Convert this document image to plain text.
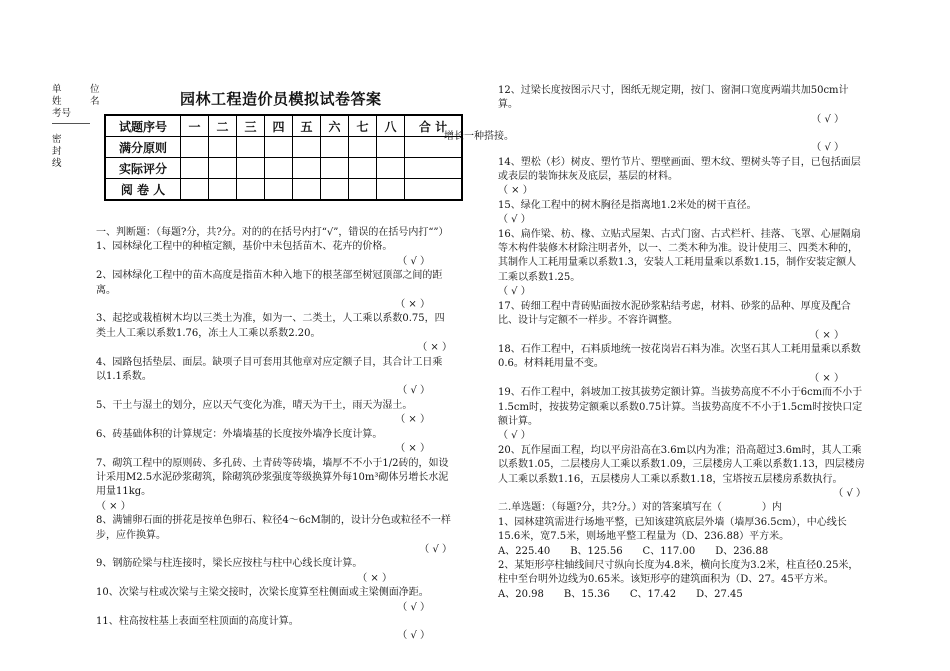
单　　　位
姓　　　名
考号
密
封
线
园林工程造价员模拟试卷答案
试题序号	一	二	三	四	五	六	七	八	合 计
满分原则									
实际评分									
阅 卷 人									

一、判断题：（每题?分，共?分。对的的在括号内打“√”，错误的在括号内打“”）

1、园林绿化工程中的种植定额，基价中未包括苗木、花卉的价格。

（ √ ）

2、园林绿化工程中的苗木高度是指苗木种入地下的根茎部至树冠顶部之间的距离。

（ × ）

3、起挖或栽植树木均以三类土为准，如为一、二类土，人工乘以系数0.75，四类土人工乘以系数1.76，冻土人工乘以系数2.20。

（ × ）

4、园路包括垫层、面层。缺项子目可套用其他章对应定额子目，其合计工日乘以1.1系数。

（ √ ）

5、干土与湿土的划分，应以天气变化为准，晴天为干土，雨天为湿土。

（ × ）

6、砖基础体积的计算规定：外墙墙基的长度按外墙净长度计算。

（ × ）

7、砌筑工程中的原则砖、多孔砖、土青砖等砖墙，墙厚不不小于1/2砖的，如设计采用M2.5水泥砂浆砌筑，除砌筑砂浆强度等级换算外每10m³砌体另增长水泥用量11kg。

（ × ）

8、满铺卵石面的拼花是按单色卵石、粒径4～6cM制的，设计分色或粒径不一样步，应作换算。

（ √ ）

9、钢筋砼梁与柱连接时，梁长应按柱与柱中心线长度计算。

（ × ）

10、次梁与柱或次梁与主梁交接时，次梁长度算至柱侧面或主梁侧面净距。

（ √ ）

11、柱高按柱基上表面至柱顶面的高度计算。

（ √ ）

12、过梁长度按图示尺寸，图纸无规定期，按门、窗洞口宽度两端共加50cm计算。

（ √ ）

（ √ ）

14、塑松（杉）树皮、塑竹节片、塑壁画面、塑木纹、塑树头等子目，已包括面层或表层的装饰抹灰及底层，基层的材料。

（ × ）

15、绿化工程中的树木胸径是指离地1.2米处的树干直径。

（ √ ）

16、扁作梁、枋、椽、立贴式屋架、古式门窗、古式栏杆、挂落、飞罩、心屉隔扇等木构件装修木材除注明者外，以一、二类木种为准。设计使用三、四类木种的，其制作人工耗用量乘以系数1.3，安装人工耗用量乘以系数1.15，制作安装定额人工乘以系数1.25。

（ √ ）

17、砖细工程中青砖贴面按水泥砂浆粘结考虑，材料、砂浆的品种、厚度及配合比、设计与定额不一样步。不容许调整。

（ × ）

18、石作工程中，石料质地统一按花岗岩石料为准。次坚石其人工耗用量乘以系数0.6。材料耗用量不变。

（ × ）

19、石作工程中，斜坡加工按其拔势定额计算。当拔势高度不不小于6cm而不小于1.5cm时，按拔势定额乘以系数0.75计算。当拔势高度不不小于1.5cm时按快口定额计算。

（ √ ）

20、瓦作屋面工程，均以平房沿高在3.6m以内为准；沿高超过3.6m时，其人工乘以系数1.05，二层楼房人工乘以系数1.09，三层楼房人工乘以系数1.13，四层楼房人工乘以系数1.16，五层楼房人工乘以系数1.18，宝塔按五层楼房系数执行。

（ √ ）

二.单选题：（每题?分，共?分。）对的答案填写在（　　　　）内

1、园林建筑需进行场地平整，已知该建筑底层外墙（墙厚36.5cm），中心线长15.6米，宽7.5米，则场地平整工程量为（D、236.88）平方米。

A、225.40　　B、125.56　　C、117.00　　D、236.88

2、某矩形亭柱轴线间尺寸纵向长度为4.8米，横向长度为3.2米，柱直径0.25米，柱中至台明外边线为0.65米。该矩形亭的建筑面积为（D、27。45平方米。

A、20.98　　B、15.36　　C、17.42　　D、27.45

增长一种搭接。
